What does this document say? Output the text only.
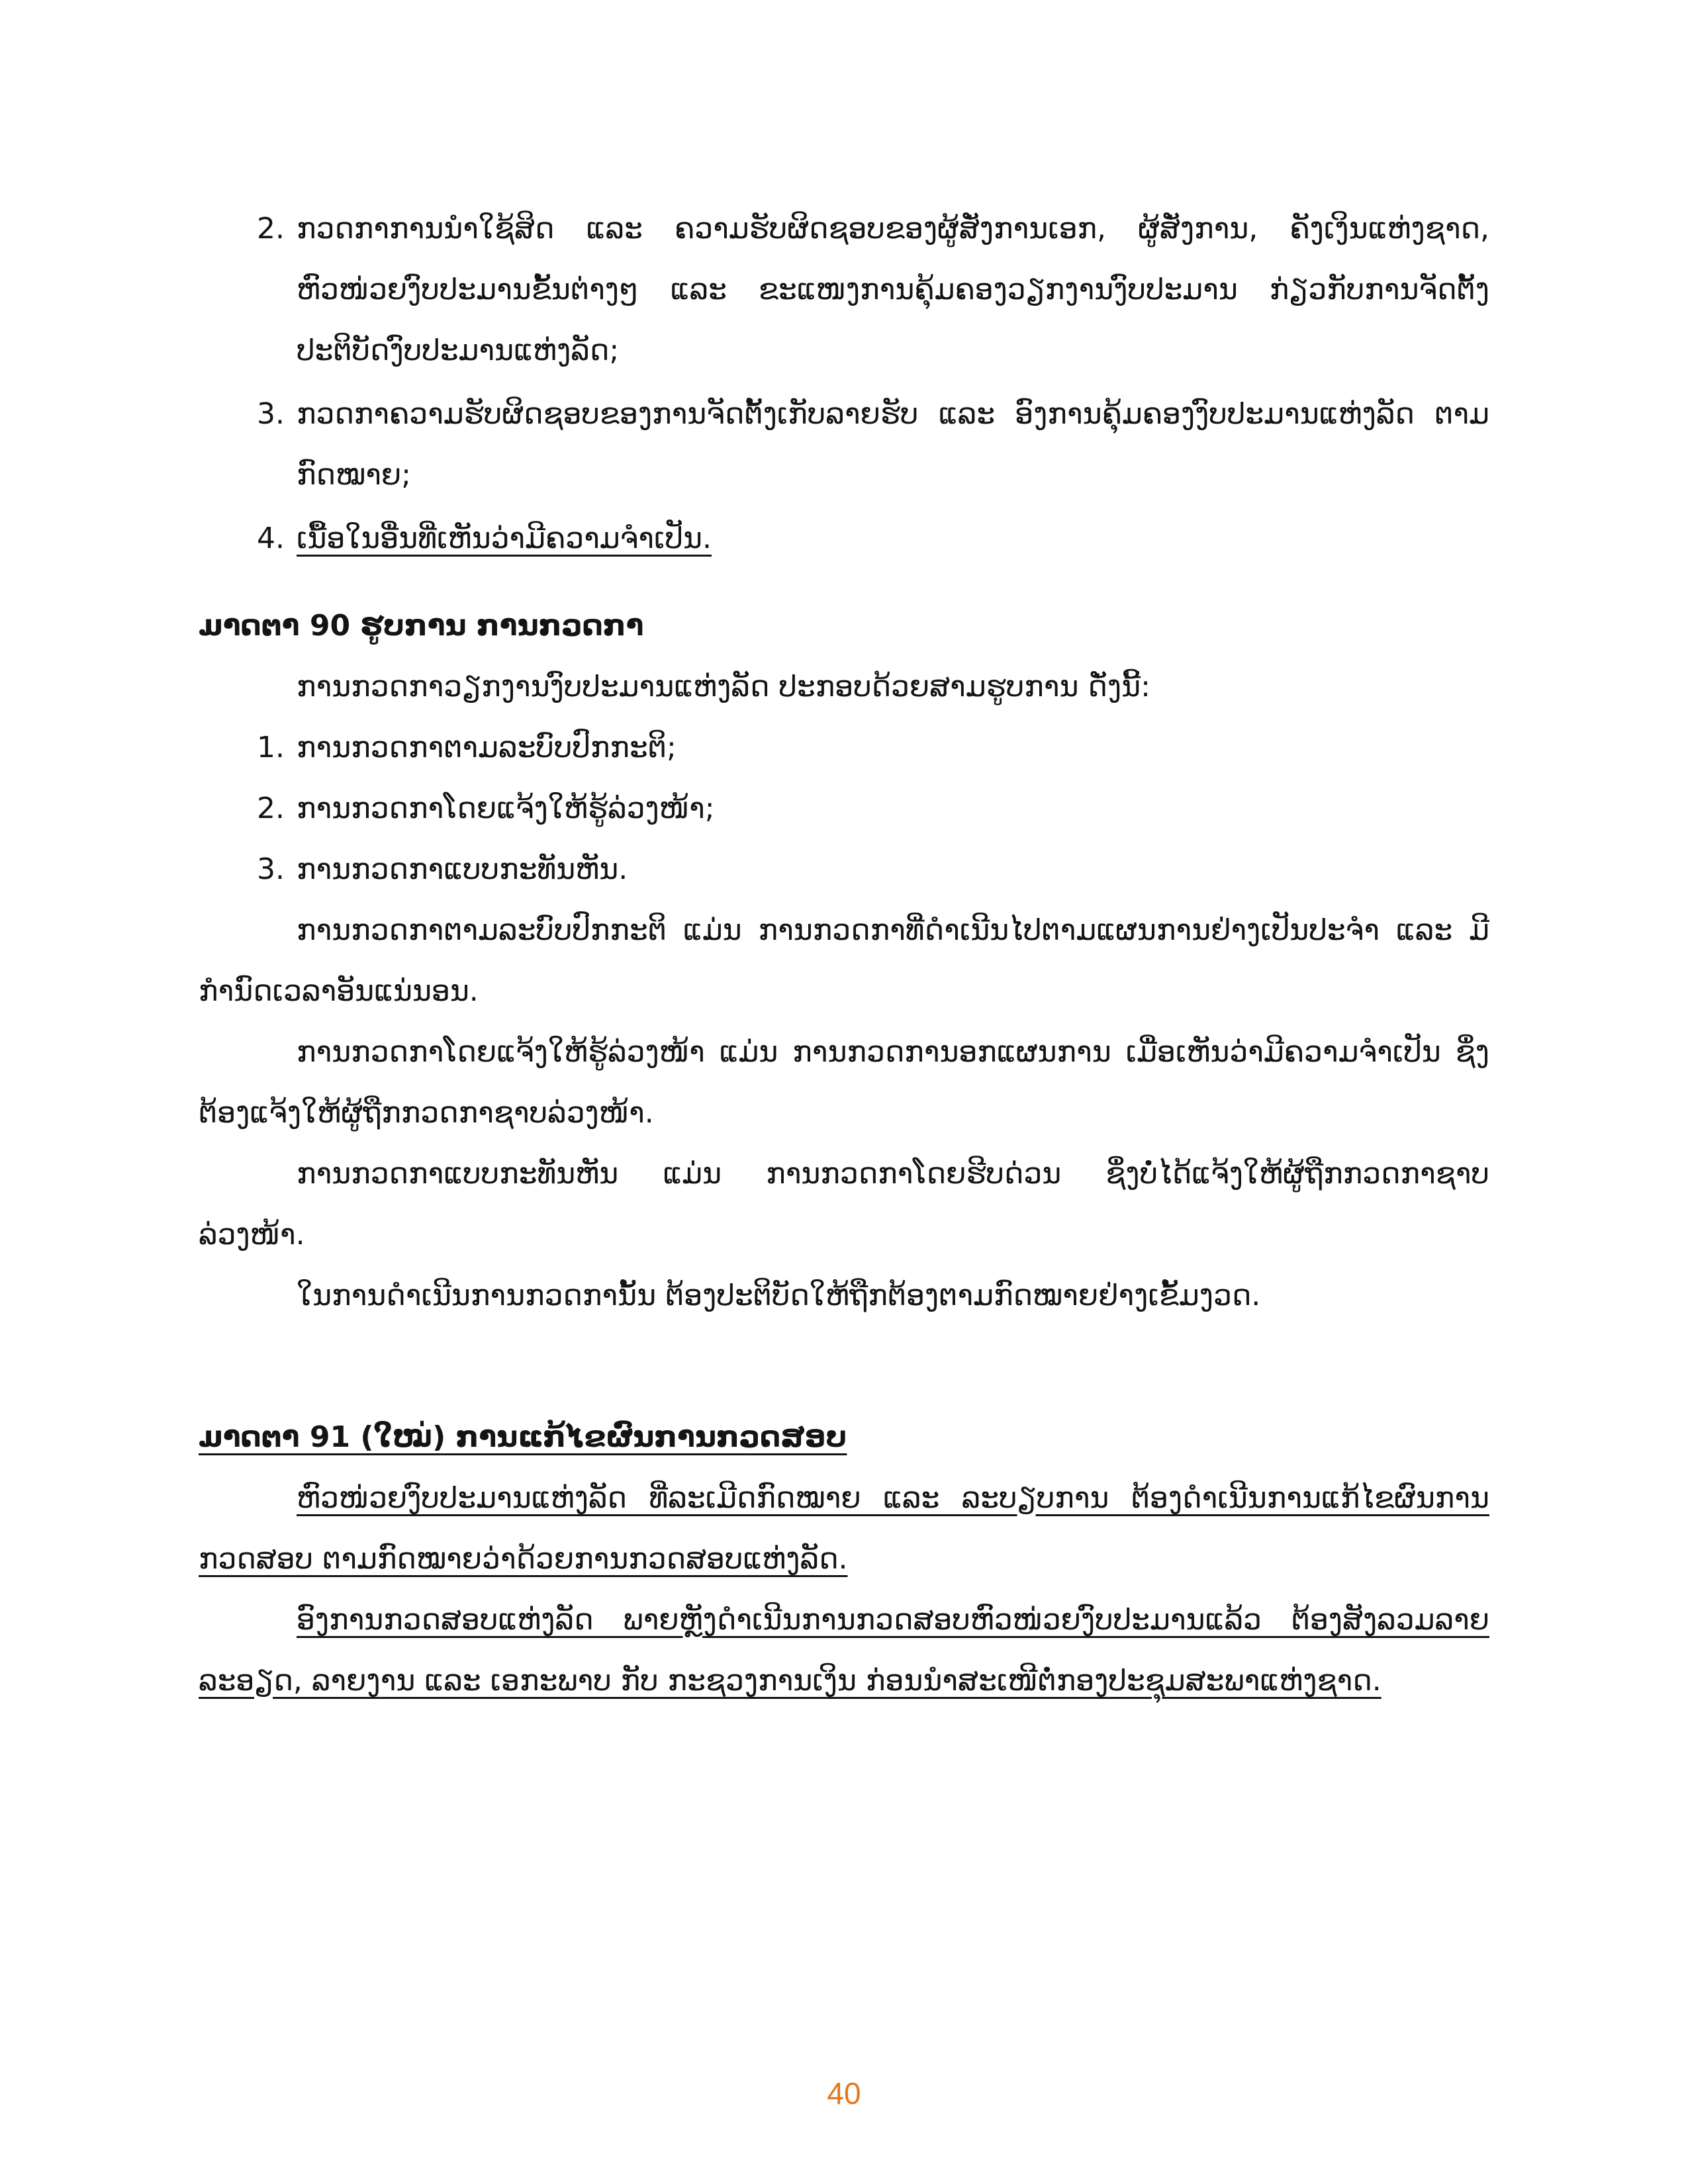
2. ກວດກາການນຳໃຊ້ສິດ ແລະ ຄວາມຮັບຜິດຊອບຂອງຜູ້ສັ່ງການເອກ, ຜູ້ສັ່ງການ, ຄັງເງິນແຫ່ງຊາດ, ຫົວໜ່ວຍງົບປະມານຂັ້ນຕ່າງໆ ແລະ ຂະແໜງການຄຸ້ມຄອງວຽກງານງົບປະມານ ກ່ຽວກັບການຈັດຕັ້ງ ປະຕິບັດງົບປະມານແຫ່ງລັດ;
3. ກວດກາຄວາມຮັບຜິດຊອບຂອງການຈັດຕັ້ງເກັບລາຍຮັບ ແລະ ອົງການຄຸ້ມຄອງງົບປະມານແຫ່ງລັດ ຕາມກົດໝາຍ;
4. ເນື້ອໃນອື່ນທີ່ເຫັນວ່າມີຄວາມຈຳເປັນ.
ມາດຕາ 90 ຮູບການ ການກວດກາ
ການກວດກາວຽກງານງົບປະມານແຫ່ງລັດ ປະກອບດ້ວຍສາມຮູບການ ດັ່ງນີ້:
1. ການກວດກາຕາມລະບົບປົກກະຕິ;
2. ການກວດກາໂດຍແຈ້ງໃຫ້ຮູ້ລ່ວງໜ້າ;
3. ການກວດກາແບບກະທັນຫັນ.
ການກວດກາຕາມລະບົບປົກກະຕິ ແມ່ນ ການກວດກາທີ່ດຳເນີນໄປຕາມແຜນການຢ່າງເປັນປະຈຳ ແລະ ມີກຳນົດເວລາອັນແນ່ນອນ.
ການກວດກາໂດຍແຈ້ງໃຫ້ຮູ້ລ່ວງໜ້າ ແມ່ນ ການກວດການອກແຜນການ ເມື່ອເຫັນວ່າມີຄວາມຈຳເປັນ ຊຶ່ງຕ້ອງແຈ້ງໃຫ້ຜູ້ຖືກກວດກາຊາບລ່ວງໜ້າ.
ການກວດກາແບບກະທັນຫັນ ແມ່ນ ການກວດກາໂດຍຮີບດ່ວນ ຊຶ່ງບໍ່ໄດ້ແຈ້ງໃຫ້ຜູ້ຖືກກວດກາຊາບ ລ່ວງໜ້າ.
ໃນການດຳເນີນການກວດການັ້ນ ຕ້ອງປະຕິບັດໃຫ້ຖືກຕ້ອງຕາມກົດໝາຍຢ່າງເຂັ້ມງວດ.
ມາດຕາ 91 (ໃໝ່) ການແກ້ໄຂຜົນການກວດສອບ
ຫົວໜ່ວຍງົບປະມານແຫ່ງລັດ ທີ່ລະເມີດກົດໝາຍ ແລະ ລະບຽບການ ຕ້ອງດຳເນີນການແກ້ໄຂຜົນການກວດສອບ ຕາມກົດໝາຍວ່າດ້ວຍການກວດສອບແຫ່ງລັດ.
ອົງການກວດສອບແຫ່ງລັດ ພາຍຫຼັງດຳເນີນການກວດສອບຫົວໜ່ວຍງົບປະມານແລ້ວ ຕ້ອງສັງລວມລາຍລະອຽດ, ລາຍງານ ແລະ ເອກະພາບ ກັບ ກະຊວງການເງິນ ກ່ອນນຳສະເໜີຕໍ່ກອງປະຊຸມສະພາແຫ່ງຊາດ.
40
